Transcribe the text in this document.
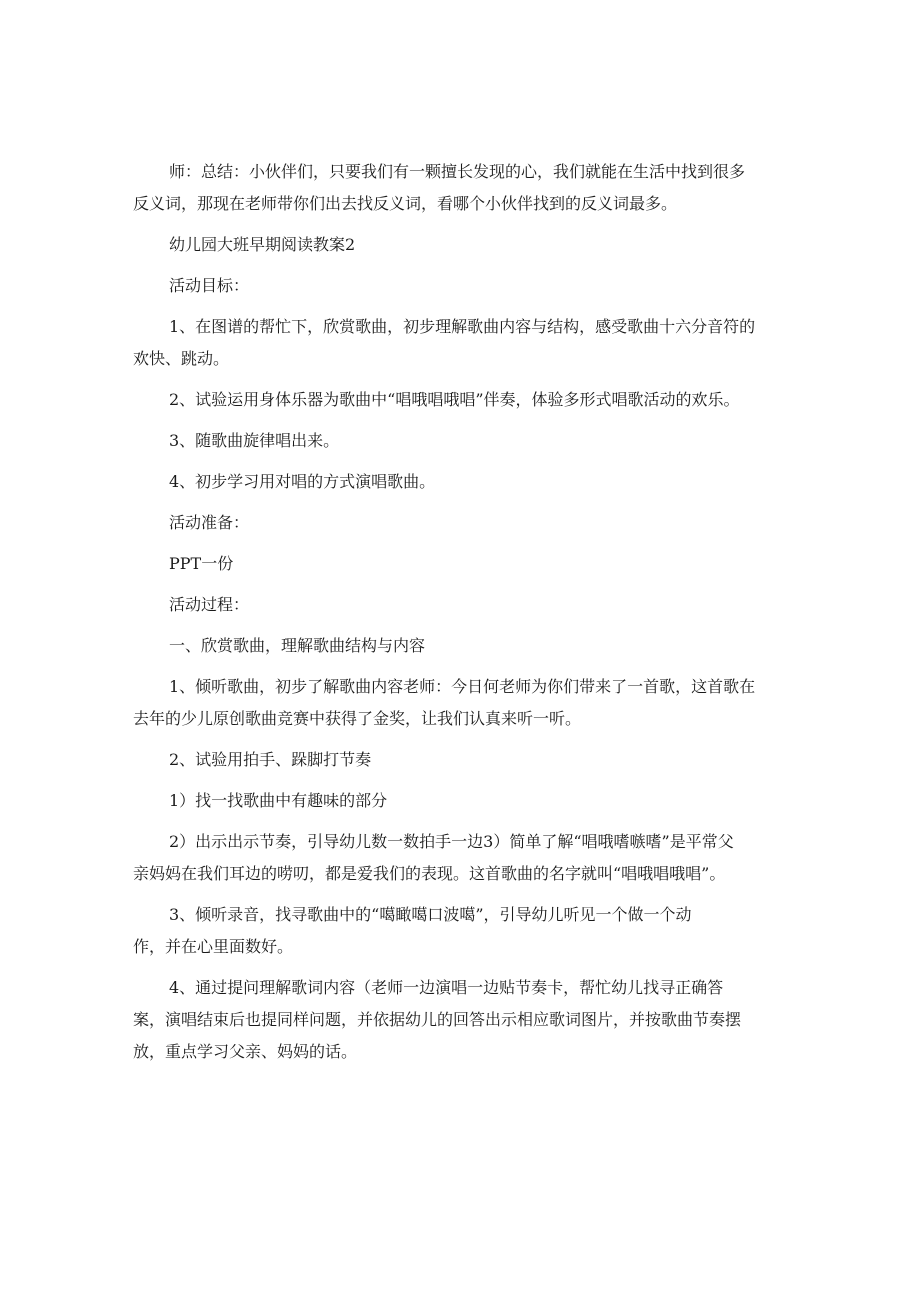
师：总结：小伙伴们，只要我们有一颗擅长发现的心，我们就能在生活中找到很多
反义词，那现在老师带你们出去找反义词，看哪个小伙伴找到的反义词最多。
幼儿园大班早期阅读教案2
活动目标：
1、在图谱的帮忙下，欣赏歌曲，初步理解歌曲内容与结构，感受歌曲十六分音符的
欢快、跳动。
2、试验运用身体乐器为歌曲中“唱哦唱哦唱”伴奏，体验多形式唱歌活动的欢乐。
3、随歌曲旋律唱出来。
4、初步学习用对唱的方式演唱歌曲。
活动准备：
PPT一份
活动过程：
一、欣赏歌曲，理解歌曲结构与内容
1、倾听歌曲，初步了解歌曲内容老师：今日何老师为你们带来了一首歌，这首歌在
去年的少儿原创歌曲竞赛中获得了金奖，让我们认真来听一听。
2、试验用拍手、跺脚打节奏
1）找一找歌曲中有趣味的部分
2）出示出示节奏，引导幼儿数一数拍手一边3）简单了解“唱哦嗜嗾嗜”是平常父
亲妈妈在我们耳边的唠叨，都是爱我们的表现。这首歌曲的名字就叫“唱哦唱哦唱”。
3、倾听录音，找寻歌曲中的“噶瞰噶口波噶”，引导幼儿听见一个做一个动
作，并在心里面数好。
4、通过提问理解歌词内容（老师一边演唱一边贴节奏卡，帮忙幼儿找寻正确答
案，演唱结束后也提同样问题，并依据幼儿的回答出示相应歌词图片，并按歌曲节奏摆
放，重点学习父亲、妈妈的话。
